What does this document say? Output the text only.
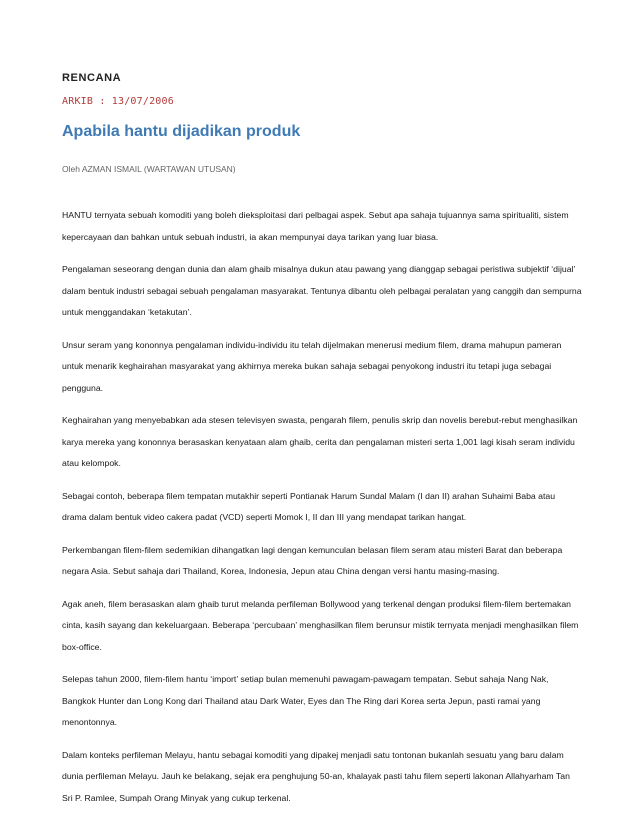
RENCANA
ARKIB : 13/07/2006
Apabila hantu dijadikan produk
Oleh AZMAN ISMAIL (WARTAWAN UTUSAN)

HANTU ternyata sebuah komoditi yang boleh dieksploitasi dari pelbagai aspek. Sebut apa sahaja tujuannya sama spiritualiti, sistem kepercayaan dan bahkan untuk sebuah industri, ia akan mempunyai daya tarikan yang luar biasa.

Pengalaman seseorang dengan dunia dan alam ghaib misalnya dukun atau pawang yang dianggap sebagai peristiwa subjektif ‘dijual’ dalam bentuk industri sebagai sebuah pengalaman masyarakat. Tentunya dibantu oleh pelbagai peralatan yang canggih dan sempurna untuk menggandakan ‘ketakutan’.

Unsur seram yang kononnya pengalaman individu-individu itu telah dijelmakan menerusi medium filem, drama mahupun pameran untuk menarik keghairahan masyarakat yang akhirnya mereka bukan sahaja sebagai penyokong industri itu tetapi juga sebagai pengguna.

Keghairahan yang menyebabkan ada stesen televisyen swasta, pengarah filem, penulis skrip dan novelis berebut-rebut menghasilkan karya mereka yang kononnya berasaskan kenyataan alam ghaib, cerita dan pengalaman misteri serta 1,001 lagi kisah seram individu atau kelompok.

Sebagai contoh, beberapa filem tempatan mutakhir seperti Pontianak Harum Sundal Malam (I dan II) arahan Suhaimi Baba atau drama dalam bentuk video cakera padat (VCD) seperti Momok I, II dan III yang mendapat tarikan hangat.

Perkembangan filem-filem sedemikian dihangatkan lagi dengan kemunculan belasan filem seram atau misteri Barat dan beberapa negara Asia. Sebut sahaja dari Thailand, Korea, Indonesia, Jepun atau China dengan versi hantu masing-masing.

Agak aneh, filem berasaskan alam ghaib turut melanda perfileman Bollywood yang terkenal dengan produksi filem-filem bertemakan cinta, kasih sayang dan kekeluargaan. Beberapa ‘percubaan’ menghasilkan filem berunsur mistik ternyata menjadi menghasilkan filem box-office.

Selepas tahun 2000, filem-filem hantu ‘import’ setiap bulan memenuhi pawagam-pawagam tempatan. Sebut sahaja Nang Nak, Bangkok Hunter dan Long Kong dari Thailand atau Dark Water, Eyes dan The Ring dari Korea serta Jepun, pasti ramai yang menontonnya.

Dalam konteks perfileman Melayu, hantu sebagai komoditi yang dipakej menjadi satu tontonan bukanlah sesuatu yang baru dalam dunia perfileman Melayu. Jauh ke belakang, sejak era penghujung 50-an, khalayak pasti tahu filem seperti lakonan Allahyarham Tan Sri P. Ramlee, Sumpah Orang Minyak yang cukup terkenal.
